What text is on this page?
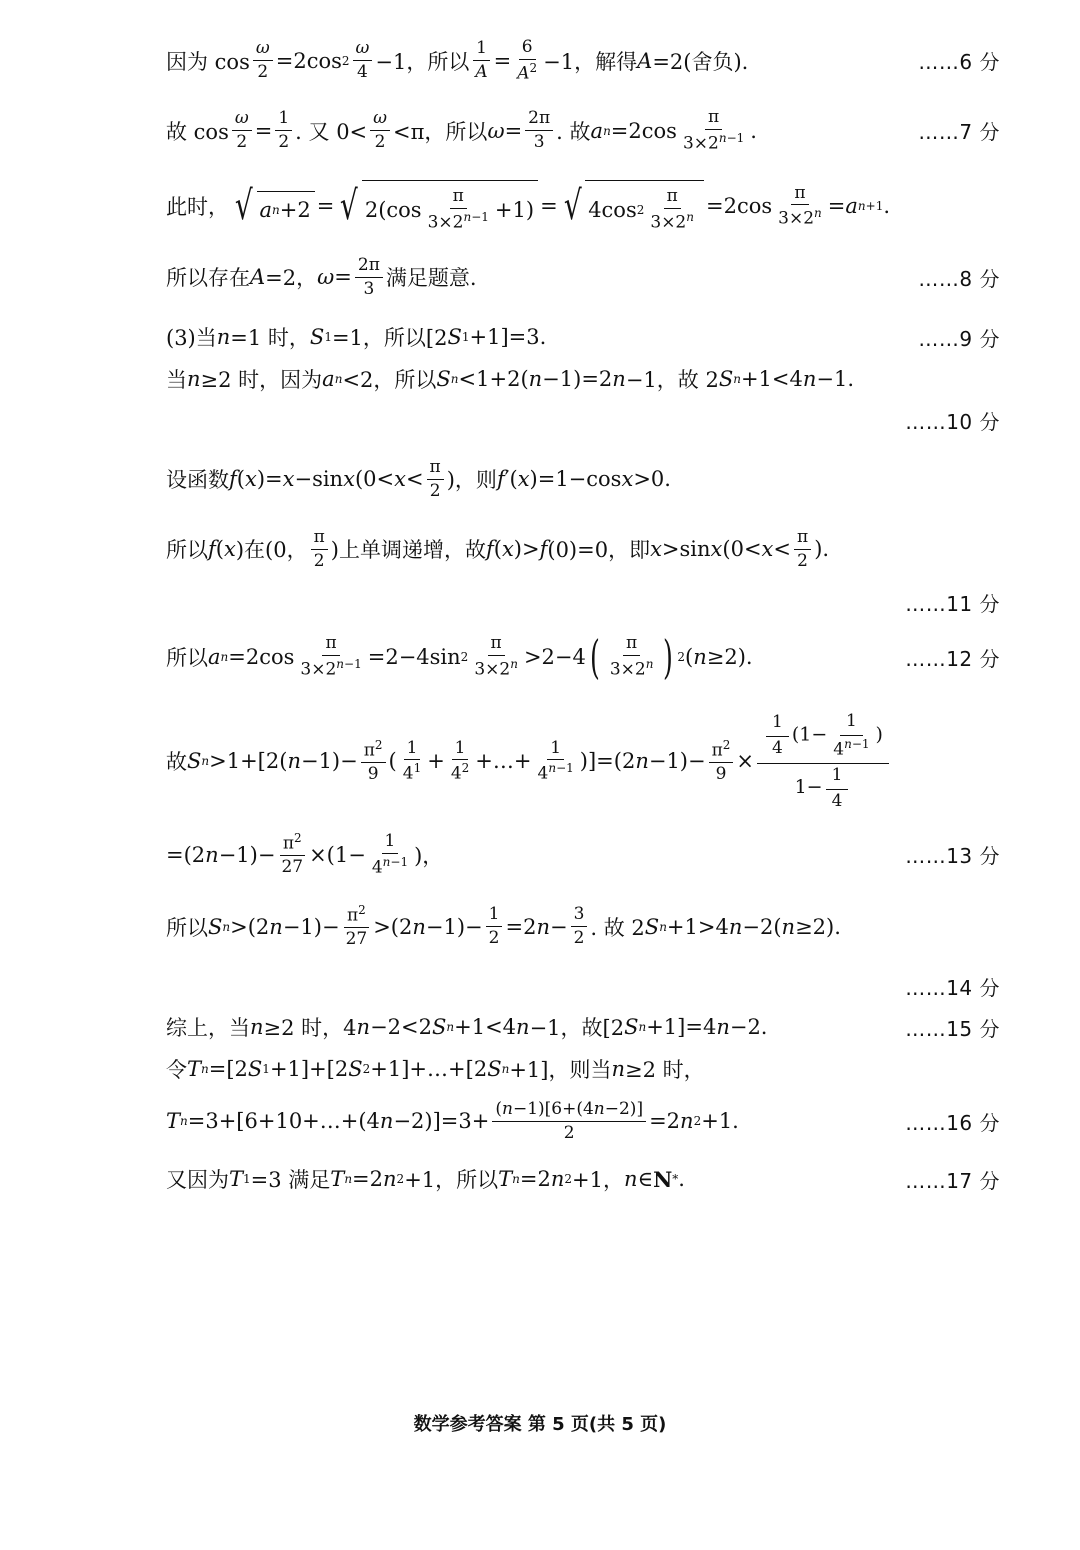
因为 $\cos \frac{\omega}{2} =2\cos$ $2 \frac{\omega}{4} -1$，所以 $\frac{1}{A} = \frac{6}{A^2} -1$，解得 A =2(舍负).	……6 分
故 $\cos \frac{\omega}{2} = \frac{1}{2}$ . 又 $0< \frac{\omega}{2} <\pi$，所以 $\omega = \frac{2\pi}{3}$ . 故 a $n =2\cos \frac{\pi}{3\times 2^{n-1}}$ .	……7 分
此时， √ a n +2 = √ $2(\cos \frac{\pi}{3\times 2^{n-1}} +1)$ = √ 4cos $2 \frac{\pi}{3\times 2^n} =2\cos \frac{\pi}{3\times 2^n} = a$ n+1 .
所以存在 A =2， $\omega = \frac{2\pi}{3}$ 满足题意.	……8 分
(3)当 n =1 时， S 1 =1，所以[2 S 1 +1]=3.	……9 分
当 n ≥2 时，因为 a n <2，所以 S n <1+2( n −1)=2 n −1，故 2 S n +1<4 n −1.
……10 分
设函数 f ( x )= x −sin x ($0< x < \frac{\pi}{2}$ )，则 f ′( x )=1−cos x >0.
所以 f ( x )在(0， $\frac{\pi}{2}$ )上单调递增，故 f ( x )> f (0)=0，即 x >sin x ($0< x < \frac{\pi}{2}$ ).
……11 分
所以 a $n =2\cos \frac{\pi}{3\times 2^{n-1}} =2-4\sin$ $2 \frac{\pi}{3\times 2^n} >2-4$ ( $\frac{\pi}{3\times 2^n}$ ) 2 ( n ≥2).	……12 分
故 S n >1+[2( $n -1)- \frac{\pi^2}{9}$ ( $\frac{1}{4^1} + \frac{1}{4^2}$ +…+ $\frac{1}{4^{n-1}} )]=(2$ $n -1)- \frac{\pi^2}{9} \times \frac{\frac{1}{4} (1- \frac{1}{4^{n-1}} )}{1- \frac{1}{4}}$
=(2 $n -1)- \frac{\pi^2}{27} \times(1- \frac{1}{4^{n-1}}$ )，	……13 分
所以 S n >(2 $n -1)- \frac{\pi^2}{27} >(2$ $n -1)- \frac{1}{2} =2$ $n - \frac{3}{2}$ . 故 2 S n +1>4 n −2( n ≥2).
……14 分
综上，当 n ≥2 时，4 n −2<2 S n +1<4 n −1，故[2 S n +1]=4 n −2.	……15 分
令 T n =[2 S 1 +1]+[2 S 2 +1]+…+[2 S n +1]，则当 n ≥2 时，
T n =3+[6+10+…+(4 $n -2)]=3+ \frac{(n-1)[6+(4n-2)]}{2} =2$ n 2 +1.	……16 分
又因为 T 1 =3 满足 T n =2 n 2 +1，所以 T n =2 n 2 +1， n ∈ N * .	……17 分
数学参考答案 第 5 页(共 5 页)
